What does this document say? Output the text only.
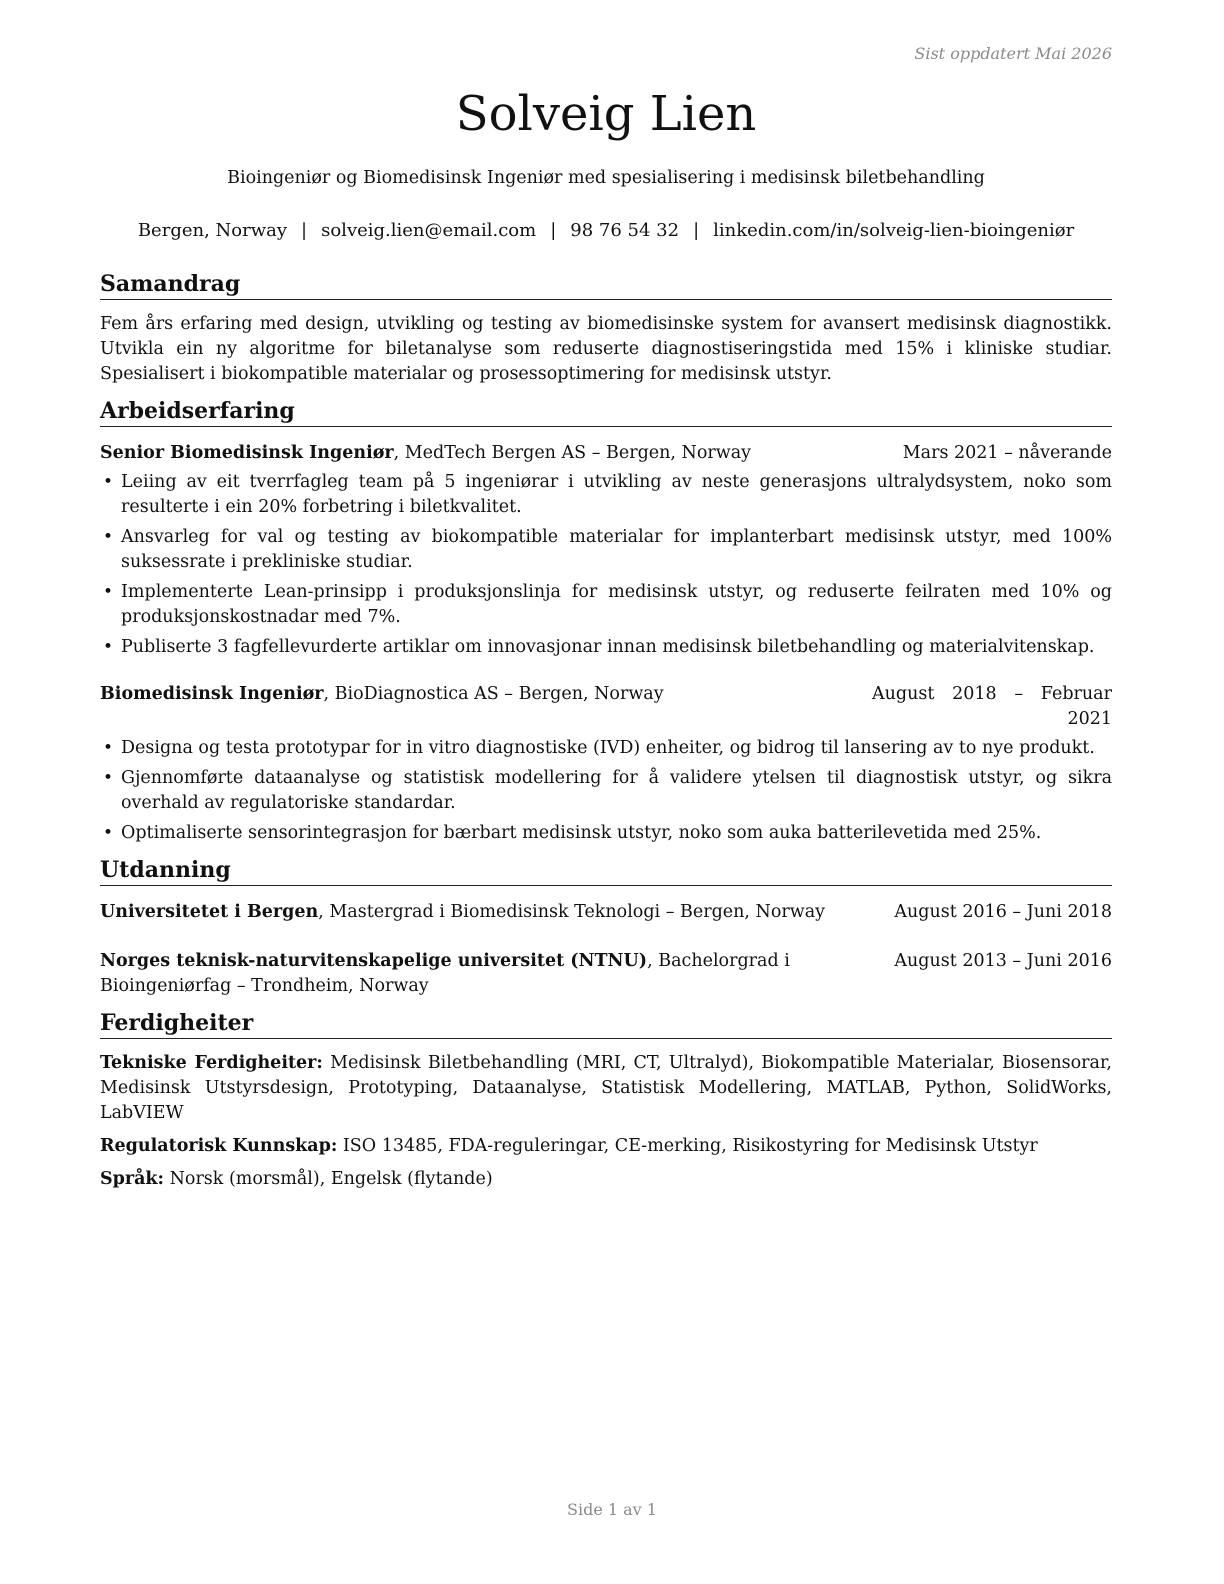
Sist oppdatert Mai 2026
Solveig Lien
Bioingeniør og Biomedisinsk Ingeniør med spesialisering i medisinsk biletbehandling
Bergen, Norway | solveig.lien@email.com | 98 76 54 32 | linkedin.com/in/solveig-lien-bioingeniør
Samandrag

Fem års erfaring med design, utvikling og testing av biomedisinske system for avansert medisinsk diagnostikk. Utvikla ein ny algoritme for biletanalyse som reduserte diagnostiseringstida med 15% i kliniske studiar. Spesialisert i biokompatible materialar og prosessoptimering for medisinsk utstyr.

Arbeidserfaring
Senior Biomedisinsk Ingeniør, MedTech Bergen AS – Bergen, Norway	Mars 2021 – nåverande
• Leiing av eit tverrfagleg team på 5 ingeniørar i utvikling av neste generasjons ultralydsystem, noko som resulterte i ein 20% forbetring i biletkvalitet.
• Ansvarleg for val og testing av biokompatible materialar for implanterbart medisinsk utstyr, med 100% suksessrate i prekliniske studiar.
• Implementerte Lean-prinsipp i produksjonslinja for medisinsk utstyr, og reduserte feilraten med 10% og produksjonskostnadar med 7%.
• Publiserte 3 fagfellevurderte artiklar om innovasjonar innan medisinsk biletbehandling og materialvitenskap.
Biomedisinsk Ingeniør, BioDiagnostica AS – Bergen, Norway	August 2018 – Februar 2021
• Designa og testa prototypar for in vitro diagnostiske (IVD) enheiter, og bidrog til lansering av to nye produkt.
• Gjennomførte dataanalyse og statistisk modellering for å validere ytelsen til diagnostisk utstyr, og sikra overhald av regulatoriske standardar.
• Optimaliserte sensorintegrasjon for bærbart medisinsk utstyr, noko som auka batterilevetida med 25%.
Utdanning
Universitetet i Bergen, Mastergrad i Biomedisinsk Teknologi – Bergen, Norway	August 2016 – Juni 2018
Norges teknisk-naturvitenskapelige universitet (NTNU), Bachelorgrad i Bioingeniørfag – Trondheim, Norway
August 2013 – Juni 2016
Ferdigheiter
Tekniske Ferdigheiter: Medisinsk Biletbehandling (MRI, CT, Ultralyd), Biokompatible Materialar, Biosensorar, Medisinsk Utstyrsdesign, Prototyping, Dataanalyse, Statistisk Modellering, MATLAB, Python, SolidWorks, LabVIEW
Regulatorisk Kunnskap: ISO 13485, FDA-reguleringar, CE-merking, Risikostyring for Medisinsk Utstyr
Språk: Norsk (morsmål), Engelsk (flytande)
Side 1 av 1
